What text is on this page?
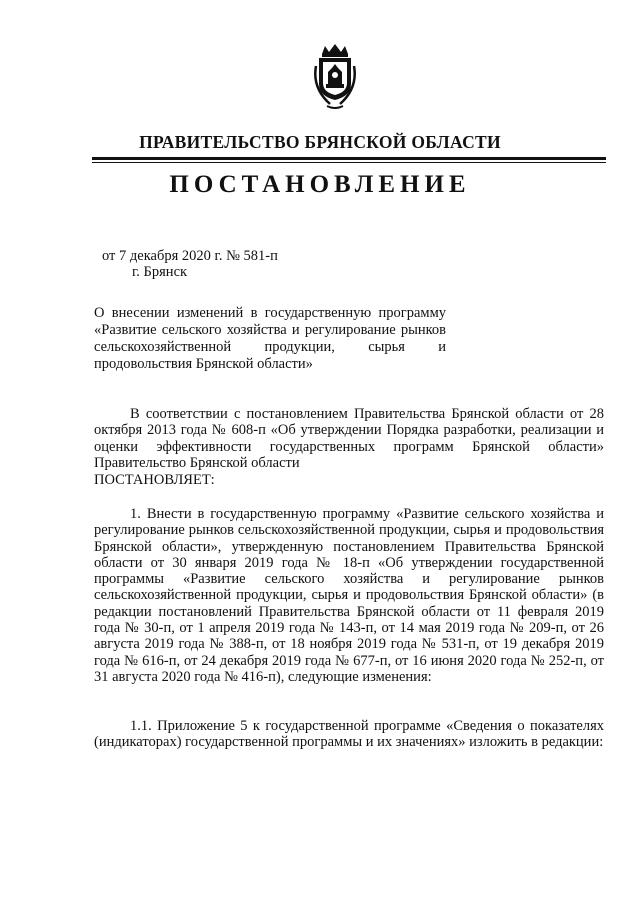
ПРАВИТЕЛЬСТВО БРЯНСКОЙ ОБЛАСТИ
ПОСТАНОВЛЕНИЕ
от 7 декабря 2020 г. № 581-п
г. Брянск
О внесении изменений в государственную программу «Развитие сельского хозяйства и регулирование рынков сельскохозяйственной продукции, сырья и продовольствия Брянской области»
В соответствии с постановлением Правительства Брянской области от 28 октября 2013 года № 608-п «Об утверждении Порядка разработки, реализации и оценки эффективности государственных программ Брянской области» Правительство Брянской области
ПОСТАНОВЛЯЕТ:
1. Внести в государственную программу «Развитие сельского хозяйства и регулирование рынков сельскохозяйственной продукции, сырья и продовольствия Брянской области», утвержденную постановлением Правительства Брянской области от 30 января 2019 года № 18-п «Об утверждении государственной программы «Развитие сельского хозяйства и регулирование рынков сельскохозяйственной продукции, сырья и продовольствия Брянской области» (в редакции постановлений Правительства Брянской области от 11 февраля 2019 года № 30-п, от 1 апреля 2019 года № 143-п, от 14 мая 2019 года № 209-п, от 26 августа 2019 года № 388-п, от 18 ноября 2019 года № 531-п, от 19 декабря 2019 года № 616-п, от 24 декабря 2019 года № 677-п, от 16 июня 2020 года № 252-п, от 31 августа 2020 года № 416-п), следующие изменения:
1.1. Приложение 5 к государственной программе «Сведения о показателях (индикаторах) государственной программы и их значениях» изложить в редакции:
